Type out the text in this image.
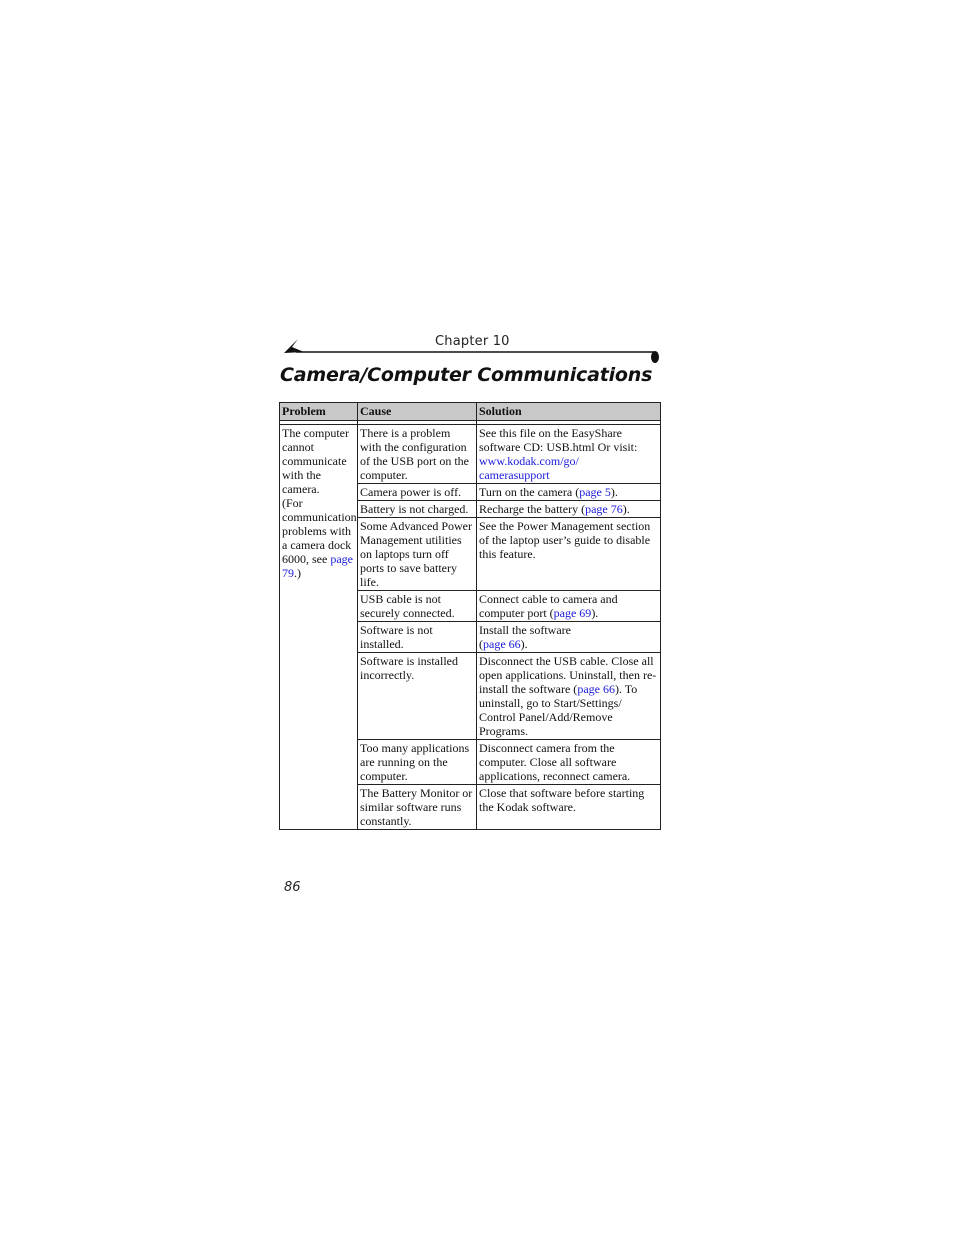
Chapter 10
Camera/Computer Communications
Problem	Cause	Solution

The computer cannot communicate with the camera.
(For communication problems with a camera dock 6000, see page 79.)	There is a problem with the configuration of the USB port on the computer.	See this file on the EasyShare software CD: USB.html Or visit:
www.kodak.com/go/
camerasupport
	Camera power is off.	Turn on the camera (page 5).
	Battery is not charged.	Recharge the battery (page 76).
	Some Advanced Power Management utilities on laptops turn off ports to save battery life.	See the Power Management section of the laptop user’s guide to disable this feature.
	USB cable is not securely connected.	Connect cable to camera and computer port (page 69).
	Software is not installed.	Install the software
(page 66).
	Software is installed incorrectly.	Disconnect the USB cable. Close all open applications. Uninstall, then re-install the software (page 66). To uninstall, go to Start/Settings/ Control Panel/Add/Remove Programs.
	Too many applications are running on the computer.	Disconnect camera from the computer. Close all software applications, reconnect camera.
	The Battery Monitor or similar software runs constantly.	Close that software before starting the Kodak software.
86
